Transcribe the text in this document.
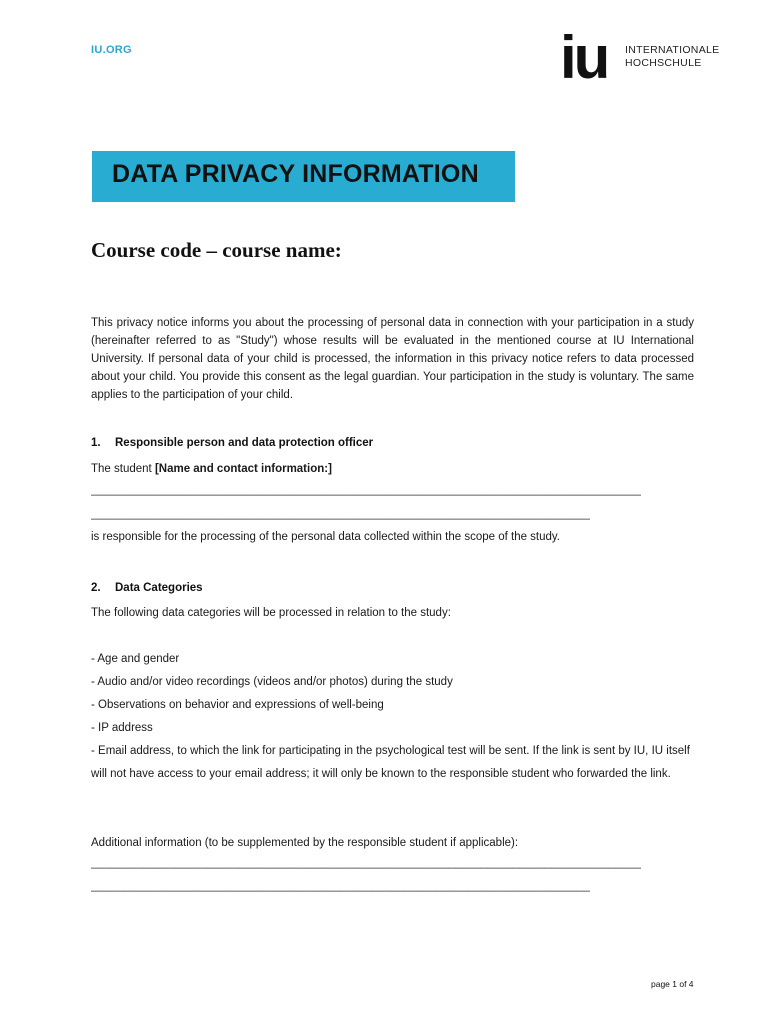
IU.ORG	iu INTERNATIONALE
HOCHSCHULE
DATA PRIVACY INFORMATION
Course code – course name:
This privacy notice informs you about the processing of personal data in connection with your participation in a study (hereinafter referred to as "Study") whose results will be evaluated in the mentioned course at IU International University. If personal data of your child is processed, the information in this privacy notice refers to data processed about your child. You provide this consent as the legal guardian. Your participation in the study is voluntary. The same applies to the participation of your child.
1. Responsible person and data protection officer
The student [Name and contact information:]
______________________________________________________________________________________
______________________________________________________________________________
is responsible for the processing of the personal data collected within the scope of the study.
2. Data Categories
The following data categories will be processed in relation to the study:
- Age and gender
- Audio and/or video recordings (videos and/or photos) during the study
- Observations on behavior and expressions of well-being
- IP address
- Email address, to which the link for participating in the psychological test will be sent. If the link is sent by IU, IU itself will not have access to your email address; it will only be known to the responsible student who forwarded the link.
Additional information (to be supplemented by the responsible student if applicable):
______________________________________________________________________________________
______________________________________________________________________________
page 1 of 4
